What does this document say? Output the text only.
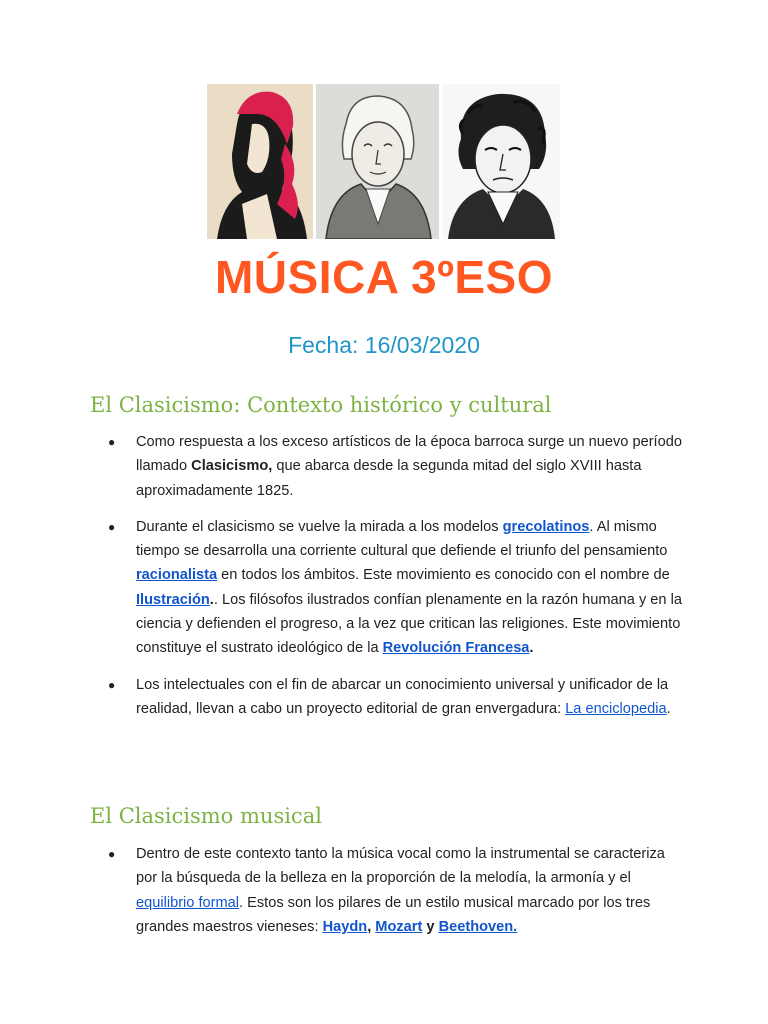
MÚSICA 3ºESO
Fecha: 16/03/2020
El Clasicismo: Contexto histórico y cultural
● Como respuesta a los exceso artísticos de la época barroca surge un nuevo período llamado Clasicismo, que abarca desde la segunda mitad del siglo XVIII hasta aproximadamente 1825.
● Durante el clasicismo se vuelve la mirada a los modelos grecolatinos. Al mismo tiempo se desarrolla una corriente cultural que defiende el triunfo del pensamiento racionalista en todos los ámbitos. Este movimiento es conocido con el nombre de Ilustración.. Los filósofos ilustrados confían plenamente en la razón humana y en la ciencia y defienden el progreso, a la vez que critican las religiones. Este movimiento constituye el sustrato ideológico de la Revolución Francesa.
● Los intelectuales con el fin de abarcar un conocimiento universal y unificador de la realidad, llevan a cabo un proyecto editorial de gran envergadura: La enciclopedia.
El Clasicismo musical
● Dentro de este contexto tanto la música vocal como la instrumental se caracteriza por la búsqueda de la belleza en la proporción de la melodía, la armonía y el equilibrio formal. Estos son los pilares de un estilo musical marcado por los tres grandes maestros vieneses: Haydn, Mozart y Beethoven.
